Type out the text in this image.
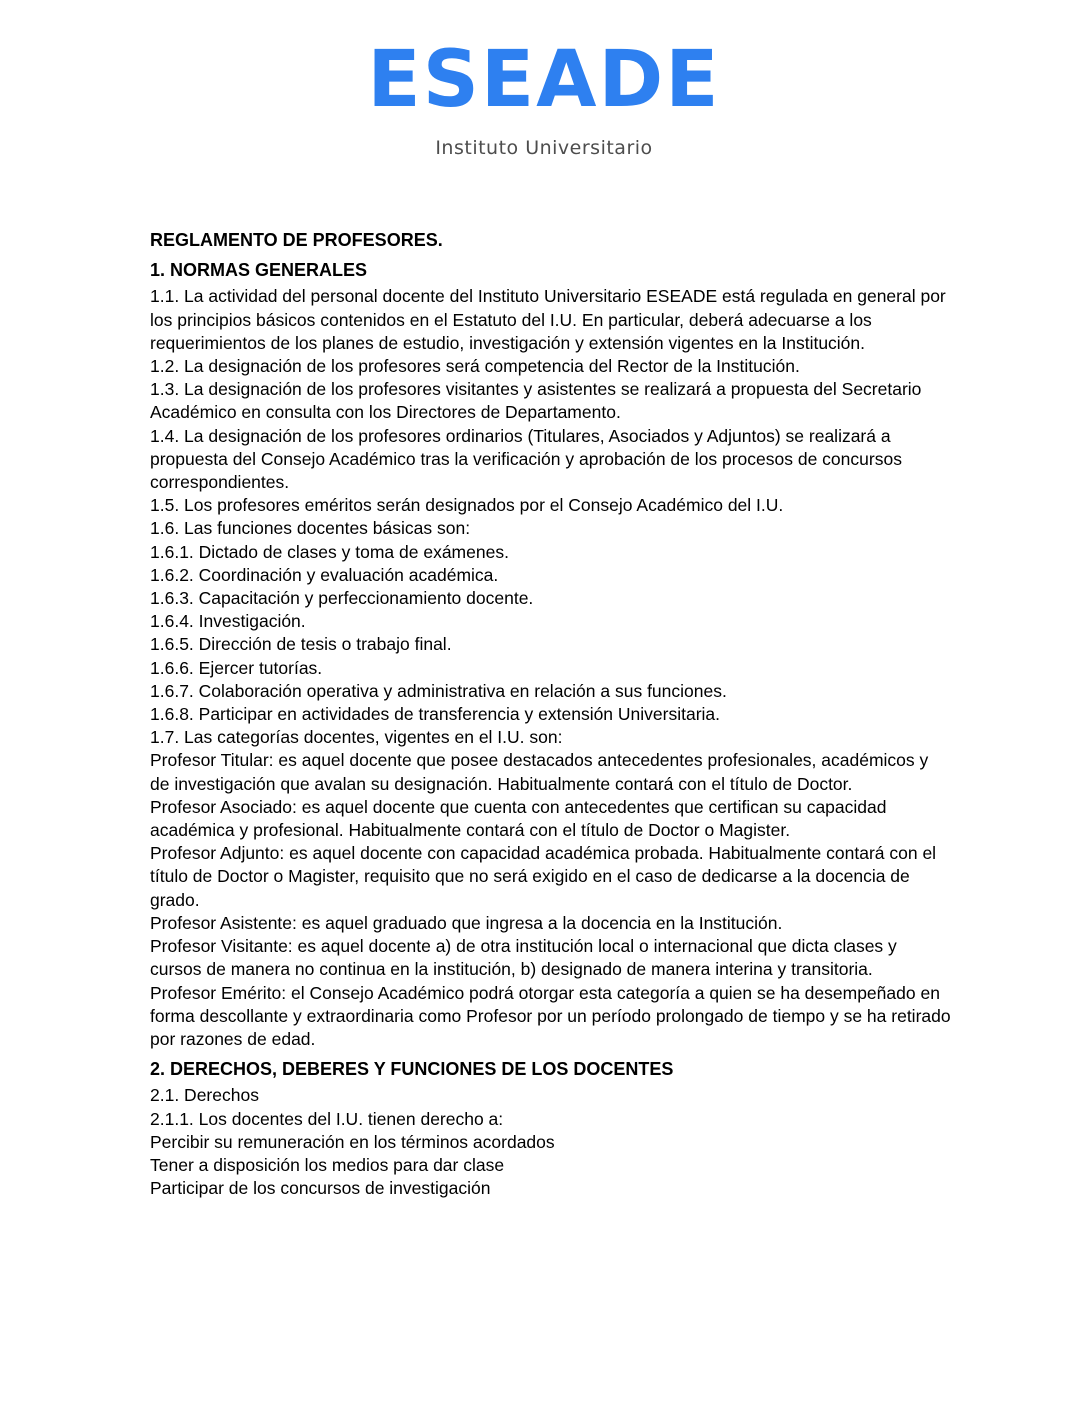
ESEADE
Instituto Universitario

REGLAMENTO DE PROFESORES.

1. NORMAS GENERALES

1.1. La actividad del personal docente del Instituto Universitario ESEADE está regulada en general por los principios básicos contenidos en el Estatuto del I.U. En particular, deberá adecuarse a los requerimientos de los planes de estudio, investigación y extensión vigentes en la Institución.

1.2. La designación de los profesores será competencia del Rector de la Institución.

1.3. La designación de los profesores visitantes y asistentes se realizará a propuesta del Secretario Académico en consulta con los Directores de Departamento.

1.4. La designación de los profesores ordinarios (Titulares, Asociados y Adjuntos) se realizará a propuesta del Consejo Académico tras la verificación y aprobación de los procesos de concursos correspondientes.

1.5. Los profesores eméritos serán designados por el Consejo Académico del I.U.

1.6. Las funciones docentes básicas son:

1.6.1. Dictado de clases y toma de exámenes.

1.6.2. Coordinación y evaluación académica.

1.6.3. Capacitación y perfeccionamiento docente.

1.6.4. Investigación.

1.6.5. Dirección de tesis o trabajo final.

1.6.6. Ejercer tutorías.

1.6.7. Colaboración operativa y administrativa en relación a sus funciones.

1.6.8. Participar en actividades de transferencia y extensión Universitaria.

1.7. Las categorías docentes, vigentes en el I.U. son:

Profesor Titular: es aquel docente que posee destacados antecedentes profesionales, académicos y de investigación que avalan su designación. Habitualmente contará con el título de Doctor.

Profesor Asociado: es aquel docente que cuenta con antecedentes que certifican su capacidad académica y profesional. Habitualmente contará con el título de Doctor o Magister.

Profesor Adjunto: es aquel docente con capacidad académica probada. Habitualmente contará con el título de Doctor o Magister, requisito que no será exigido en el caso de dedicarse a la docencia de grado.

Profesor Asistente: es aquel graduado que ingresa a la docencia en la Institución.

Profesor Visitante: es aquel docente a) de otra institución local o internacional que dicta clases y cursos de manera no continua en la institución, b) designado de manera interina y transitoria.

Profesor Emérito: el Consejo Académico podrá otorgar esta categoría a quien se ha desempeñado en forma descollante y extraordinaria como Profesor por un período prolongado de tiempo y se ha retirado por razones de edad.

2. DERECHOS, DEBERES Y FUNCIONES DE LOS DOCENTES

2.1. Derechos

2.1.1. Los docentes del I.U. tienen derecho a:

Percibir su remuneración en los términos acordados

Tener a disposición los medios para dar clase

Participar de los concursos de investigación
